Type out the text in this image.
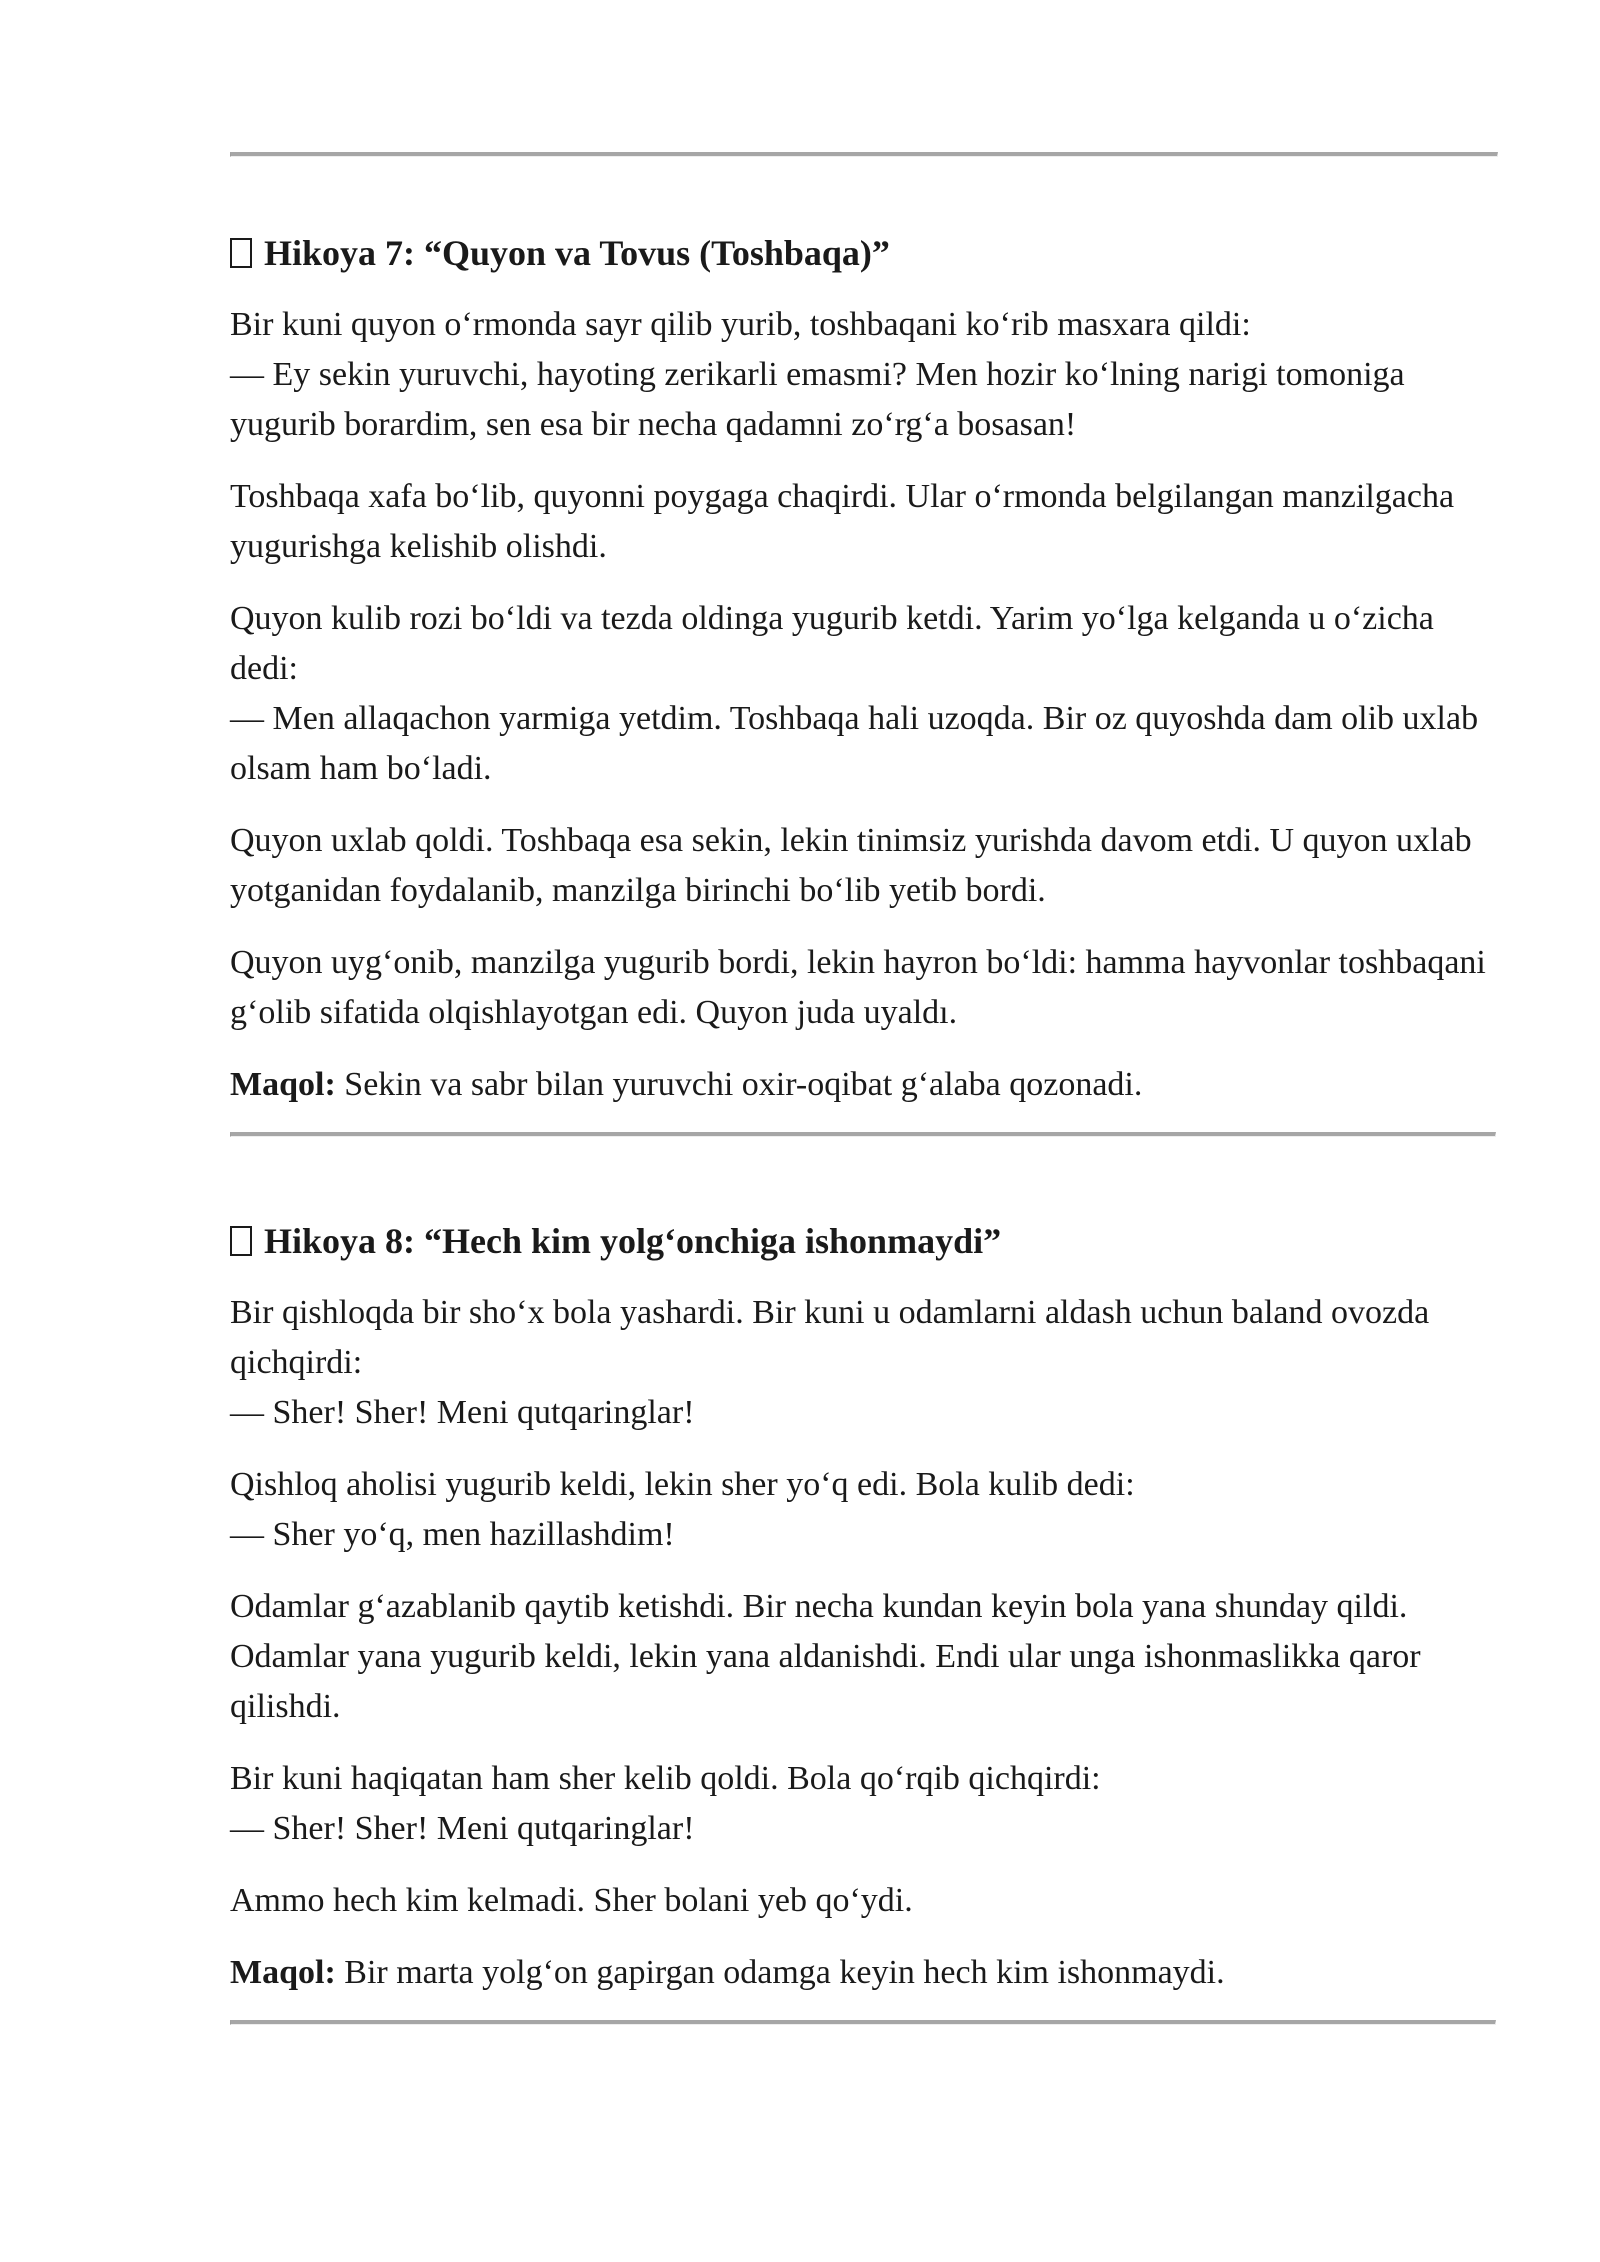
Hikoya 7: “Quyon va Tovus (Toshbaqa)”

Bir kuni quyon oʻrmonda sayr qilib yurib, toshbaqani koʻrib masxara qildi:
— Ey sekin yuruvchi, hayoting zerikarli emasmi? Men hozir koʻlning narigi tomoniga yugurib borardim, sen esa bir necha qadamni zoʻrgʻa bosasan!

Toshbaqa xafa boʻlib, quyonni poygaga chaqirdi. Ular oʻrmonda belgilangan manzilgacha yugurishga kelishib olishdi.

Quyon kulib rozi boʻldi va tezda oldinga yugurib ketdi. Yarim yoʻlga kelganda u oʻzicha dedi:
— Men allaqachon yarmiga yetdim. Toshbaqa hali uzoqda. Bir oz quyoshda dam olib uxlab olsam ham boʻladi.

Quyon uxlab qoldi. Toshbaqa esa sekin, lekin tinimsiz yurishda davom etdi. U quyon uxlab yotganidan foydalanib, manzilga birinchi boʻlib yetib bordi.

Quyon uygʻonib, manzilga yugurib bordi, lekin hayron boʻldi: hamma hayvonlar toshbaqani gʻolib sifatida olqishlayotgan edi. Quyon juda uyaldı.

Maqol: Sekin va sabr bilan yuruvchi oxir-oqibat gʻalaba qozonadi.

Hikoya 8: “Hech kim yolgʻonchiga ishonmaydi”

Bir qishloqda bir shoʻx bola yashardi. Bir kuni u odamlarni aldash uchun baland ovozda qichqirdi:
— Sher! Sher! Meni qutqaringlar!

Qishloq aholisi yugurib keldi, lekin sher yoʻq edi. Bola kulib dedi:
— Sher yoʻq, men hazillashdim!

Odamlar gʻazablanib qaytib ketishdi. Bir necha kundan keyin bola yana shunday qildi. Odamlar yana yugurib keldi, lekin yana aldanishdi. Endi ular unga ishonmaslikka qaror qilishdi.

Bir kuni haqiqatan ham sher kelib qoldi. Bola qoʻrqib qichqirdi:
— Sher! Sher! Meni qutqaringlar!

Ammo hech kim kelmadi. Sher bolani yeb qoʻydi.

Maqol: Bir marta yolgʻon gapirgan odamga keyin hech kim ishonmaydi.
